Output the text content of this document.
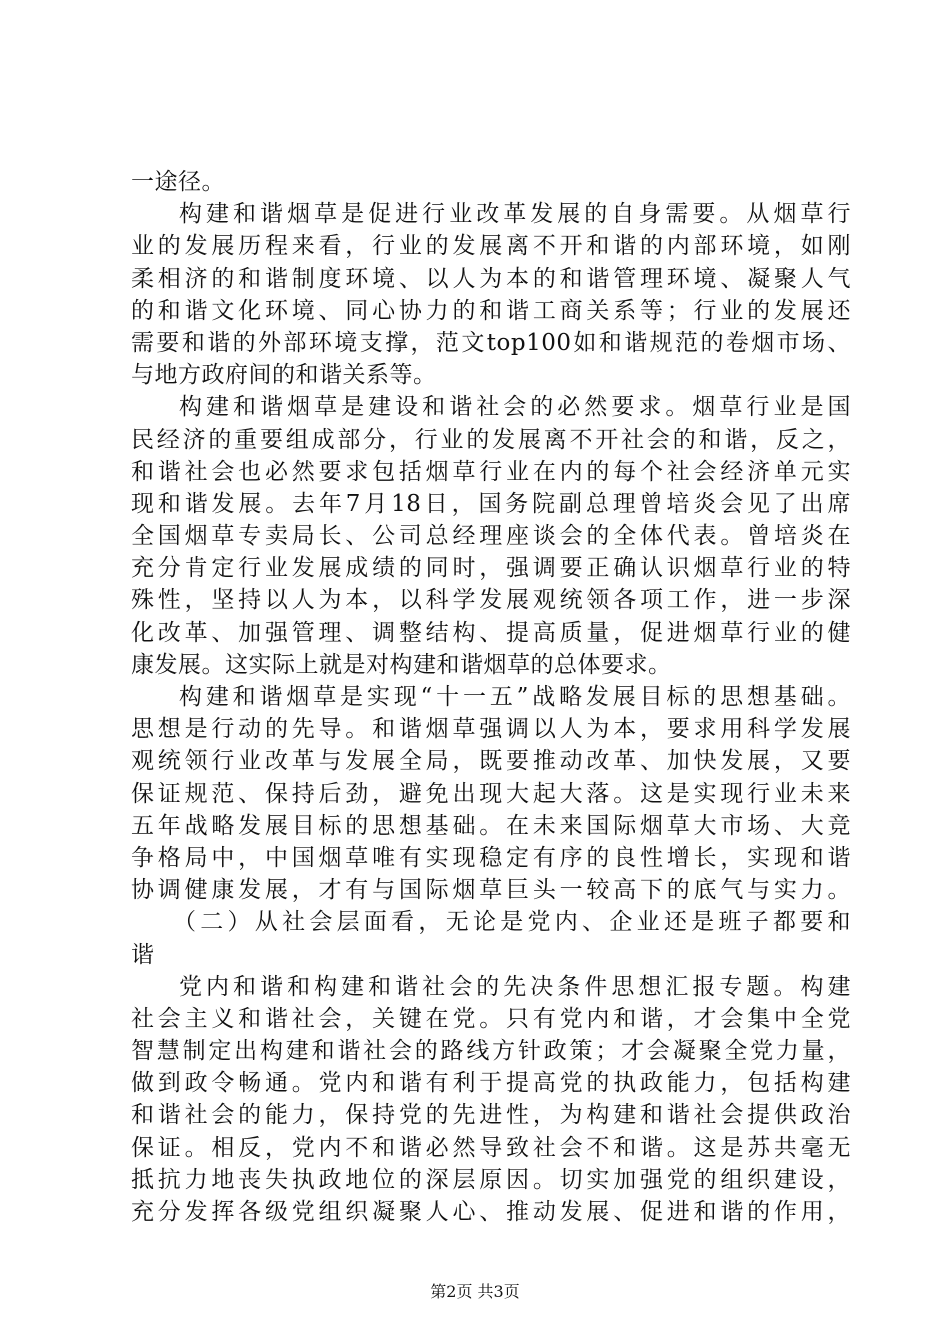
一途径。
构建和谐烟草是促进行业改革发展的自身需要。从烟草行
业的发展历程来看，行业的发展离不开和谐的内部环境，如刚
柔相济的和谐制度环境、以人为本的和谐管理环境、凝聚人气
的和谐文化环境、同心协力的和谐工商关系等；行业的发展还
需要和谐的外部环境支撑，范文top100如和谐规范的卷烟市场、
与地方政府间的和谐关系等。
构建和谐烟草是建设和谐社会的必然要求。烟草行业是国
民经济的重要组成部分，行业的发展离不开社会的和谐，反之，
和谐社会也必然要求包括烟草行业在内的每个社会经济单元实
现和谐发展。去年7月18日，国务院副总理曾培炎会见了出席
全国烟草专卖局长、公司总经理座谈会的全体代表。曾培炎在
充分肯定行业发展成绩的同时，强调要正确认识烟草行业的特
殊性，坚持以人为本，以科学发展观统领各项工作，进一步深
化改革、加强管理、调整结构、提高质量，促进烟草行业的健
康发展。这实际上就是对构建和谐烟草的总体要求。
构建和谐烟草是实现“十一五”战略发展目标的思想基础。
思想是行动的先导。和谐烟草强调以人为本，要求用科学发展
观统领行业改革与发展全局，既要推动改革、加快发展，又要
保证规范、保持后劲，避免出现大起大落。这是实现行业未来
五年战略发展目标的思想基础。在未来国际烟草大市场、大竞
争格局中，中国烟草唯有实现稳定有序的良性增长，实现和谐
协调健康发展，才有与国际烟草巨头一较高下的底气与实力。
（二）从社会层面看，无论是党内、企业还是班子都要和
谐
党内和谐和构建和谐社会的先决条件思想汇报专题。构建
社会主义和谐社会，关键在党。只有党内和谐，才会集中全党
智慧制定出构建和谐社会的路线方针政策；才会凝聚全党力量，
做到政令畅通。党内和谐有利于提高党的执政能力，包括构建
和谐社会的能力，保持党的先进性，为构建和谐社会提供政治
保证。相反，党内不和谐必然导致社会不和谐。这是苏共毫无
抵抗力地丧失执政地位的深层原因。切实加强党的组织建设，
充分发挥各级党组织凝聚人心、推动发展、促进和谐的作用，
第2页 共3页
